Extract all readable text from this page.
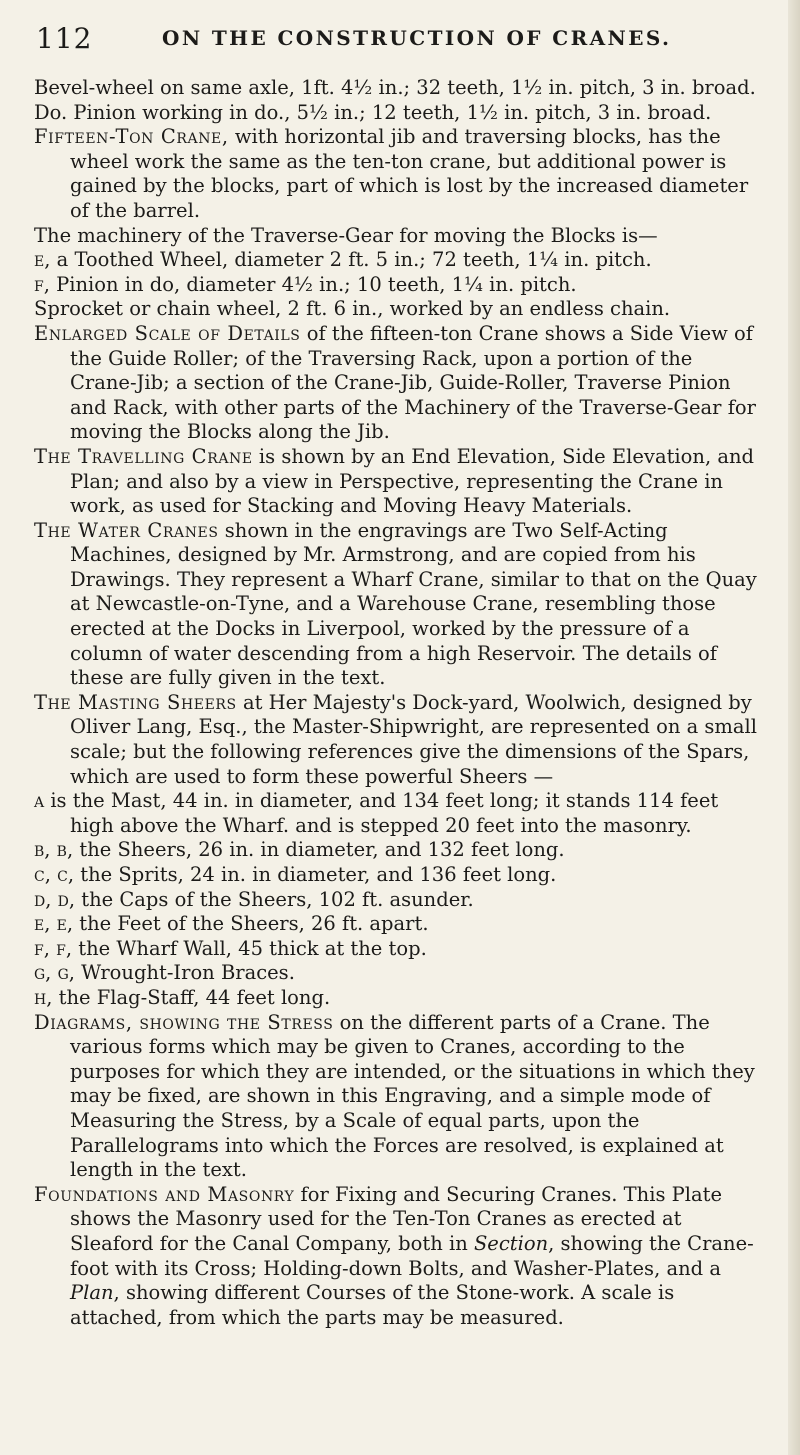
112	ON THE CONSTRUCTION OF CRANES.

Bevel-wheel on same axle, 1ft. 4½ in.; 32 teeth, 1½ in. pitch, 3 in. broad.

Do. Pinion working in do., 5½ in.; 12 teeth, 1½ in. pitch, 3 in. broad.

Fifteen-Ton Crane, with horizontal jib and traversing blocks, has the wheel work the same as the ten-ton crane, but additional power is gained by the blocks, part of which is lost by the increased diameter of the barrel.

The machinery of the Traverse-Gear for moving the Blocks is—

e, a Toothed Wheel, diameter 2 ft. 5 in.; 72 teeth, 1¼ in. pitch.

f, Pinion in do, diameter 4½ in.; 10 teeth, 1¼ in. pitch.

Sprocket or chain wheel, 2 ft. 6 in., worked by an endless chain.

Enlarged Scale of Details of the fifteen-ton Crane shows a Side View of the Guide Roller; of the Traversing Rack, upon a portion of the Crane-Jib; a section of the Crane-Jib, Guide-Roller, Traverse Pinion and Rack, with other parts of the Machinery of the Traverse-Gear for moving the Blocks along the Jib.

The Travelling Crane is shown by an End Elevation, Side Elevation, and Plan; and also by a view in Perspective, representing the Crane in work, as used for Stacking and Moving Heavy Materials.

The Water Cranes shown in the engravings are Two Self-Acting Machines, designed by Mr. Armstrong, and are copied from his Drawings. They represent a Wharf Crane, similar to that on the Quay at Newcastle-on-Tyne, and a Warehouse Crane, resembling those erected at the Docks in Liverpool, worked by the pressure of a column of water descending from a high Reservoir. The details of these are fully given in the text.

The Masting Sheers at Her Majesty's Dock-yard, Woolwich, designed by Oliver Lang, Esq., the Master-Shipwright, are represented on a small scale; but the following references give the dimensions of the Spars, which are used to form these powerful Sheers —

a is the Mast, 44 in. in diameter, and 134 feet long; it stands 114 feet high above the Wharf. and is stepped 20 feet into the masonry.

b, b, the Sheers, 26 in. in diameter, and 132 feet long.

c, c, the Sprits, 24 in. in diameter, and 136 feet long.

d, d, the Caps of the Sheers, 102 ft. asunder.

e, e, the Feet of the Sheers, 26 ft. apart.

f, f, the Wharf Wall, 45 thick at the top.

g, g, Wrought-Iron Braces.

h, the Flag-Staff, 44 feet long.

Diagrams, showing the Stress on the different parts of a Crane. The various forms which may be given to Cranes, according to the purposes for which they are intended, or the situations in which they may be fixed, are shown in this Engraving, and a simple mode of Measuring the Stress, by a Scale of equal parts, upon the Parallelograms into which the Forces are resolved, is explained at length in the text.

Foundations and Masonry for Fixing and Securing Cranes. This Plate shows the Masonry used for the Ten-Ton Cranes as erected at Sleaford for the Canal Company, both in Section, showing the Crane-foot with its Cross; Holding-down Bolts, and Washer-Plates, and a Plan, showing different Courses of the Stone-work. A scale is attached, from which the parts may be measured.
